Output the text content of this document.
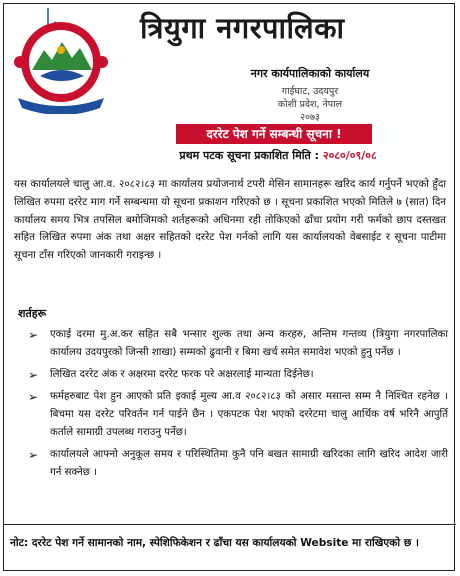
त्रियुगा नगरपालिका
नगर कार्यपालिकाको कार्यालय
गाईघाट, उदयपुर
कोशी प्रदेश, नेपाल
२०७३
दररेट पेश गर्ने सम्बन्धी सूचना !
प्रथम पटक सूचना प्रकाशित मिति : २०८०/०९/०८
यस कार्यालयले चालु आ.व. २०८२।८३ मा कार्यालय प्रयोजनार्थ टपरी मेसिन सामानहरू खरिद कार्य गर्नुपर्ने भएको हुँदा लिखित रुपमा दररेट माग गर्ने सम्बन्धमा यो सूचना प्रकाशन गरिएको छ । सूचना प्रकाशित भएको मितिले ७ (सात) दिन कार्यालय समय भित्र तपसिल बमोजिमको शर्तहरूको अधिनमा रही तोकिएको ढाँचा प्रयोग गरी फर्मको छाप दस्तखत सहित लिखित रुपमा अंक तथा अक्षर सहितको दररेट पेश गर्नको लागि यस कार्यालयको वेबसाईट र सूचना पाटीमा सूचना टाँस गरिएको जानकारी गराइन्छ ।
शर्तहरू
➢ एकाई दरमा मु.अ.कर सहित सबै भन्सार शुल्क तथा अन्य करहरु, अन्तिम गन्तव्य (त्रियुगा नगरपालिका कार्यालय उदयपुरको जिन्सी शाखा) सम्मको ढुवानी र बिमा खर्च समेत समावेश भएको हुनु पर्नेछ ।
➢ लिखित दररेट अंक र अक्षरमा दररेट फरक परे अक्षरलाई मान्यता दिईनेछ।
➢ फर्महरुबाट पेश हुन आएको प्रति इकाई मुल्य आ.व २०८२।८३ को असार मसान्त सम्म नै निश्चित रहनेछ । बिचमा यस दररेट परिवर्तन गर्न पाईने छैन । एकपटक पेश भएको दररेटमा चालु आर्थिक वर्ष भरिनै आपुर्ति कर्ताले सामाग्री उपलब्ध गराउनु पर्नेछ।
➢ कार्यालयले आफ्नो अनुकूल समय र परिस्थितिमा कुनै पनि बखत सामाग्री खरिदका लागि खरिद आदेश जारी गर्न सक्नेछ ।
नोट: दररेट पेश गर्ने सामानको नाम, स्पेशिफिकेशन र ढाँचा यस कार्यालयको Website मा राखिएको छ ।
